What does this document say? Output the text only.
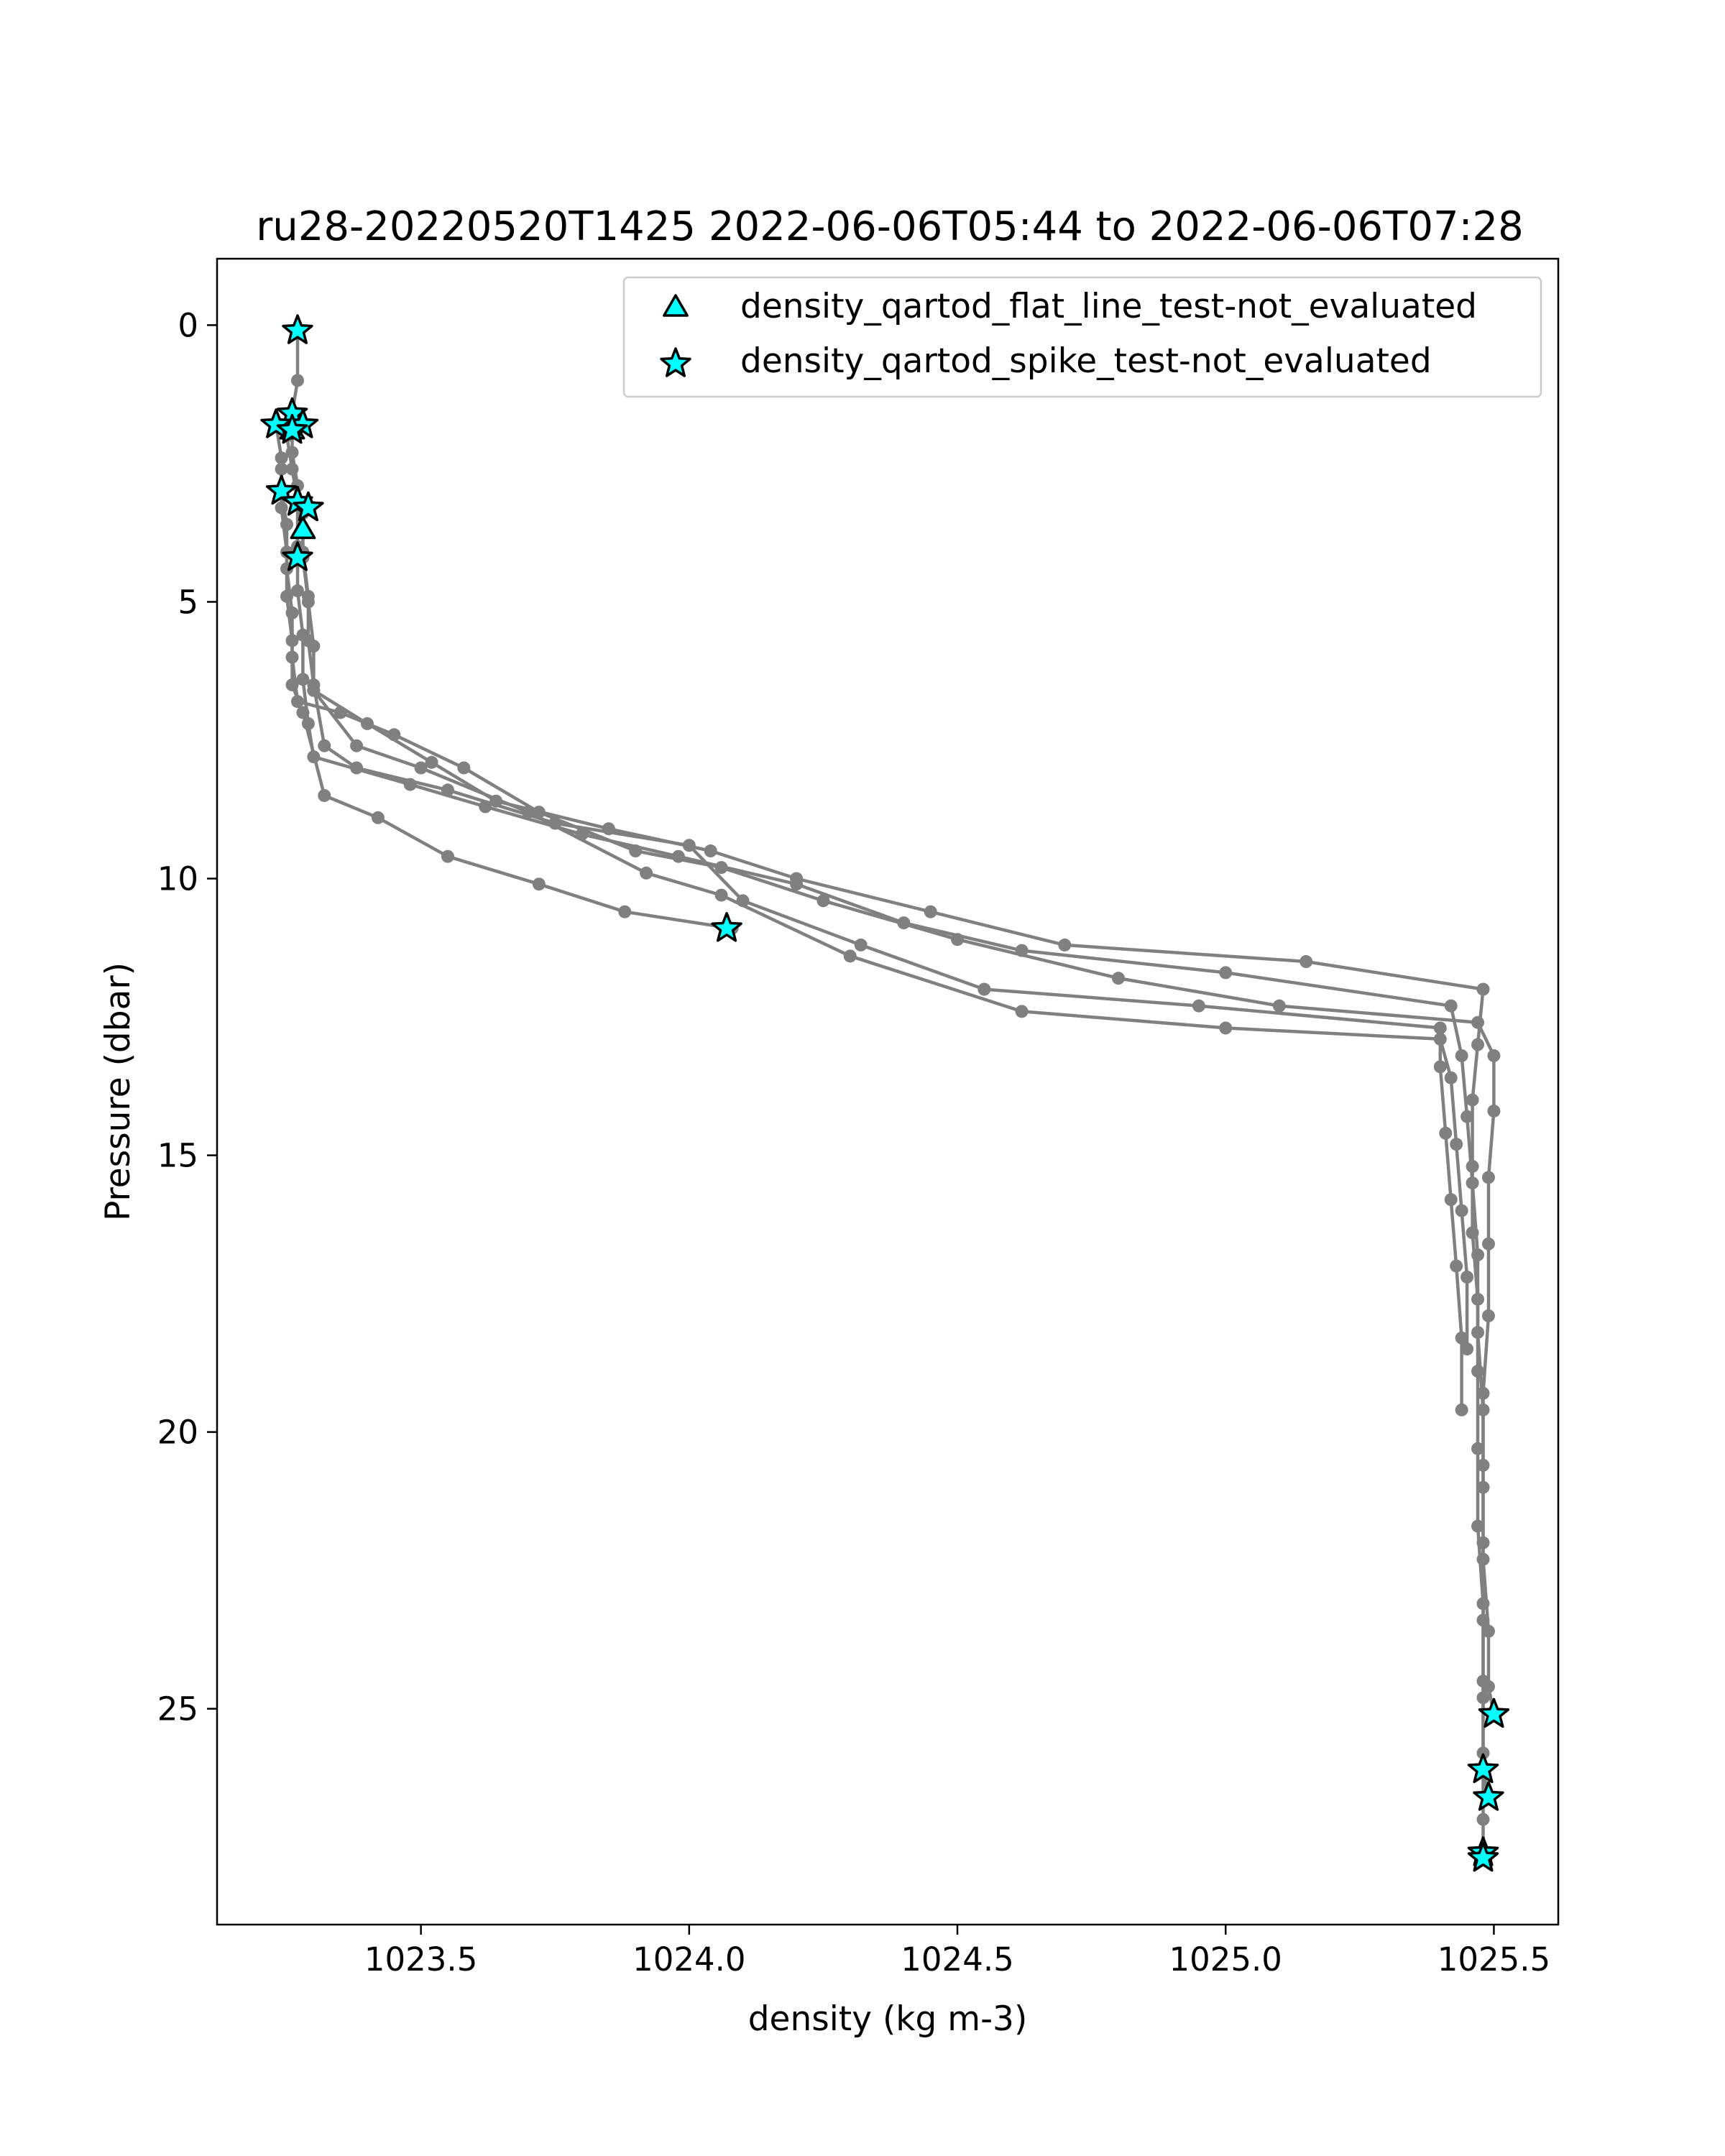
ru28-20220520T1425 2022-06-06T05:44 to 2022-06-06T07:28
1023.5	1024.0	1024.5	1025.0	1025.5
0
5
10
15
20
25
density (kg m-3)
Pressure (dbar)
density_qartod_flat_line_test-not_evaluated
density_qartod_spike_test-not_evaluated
